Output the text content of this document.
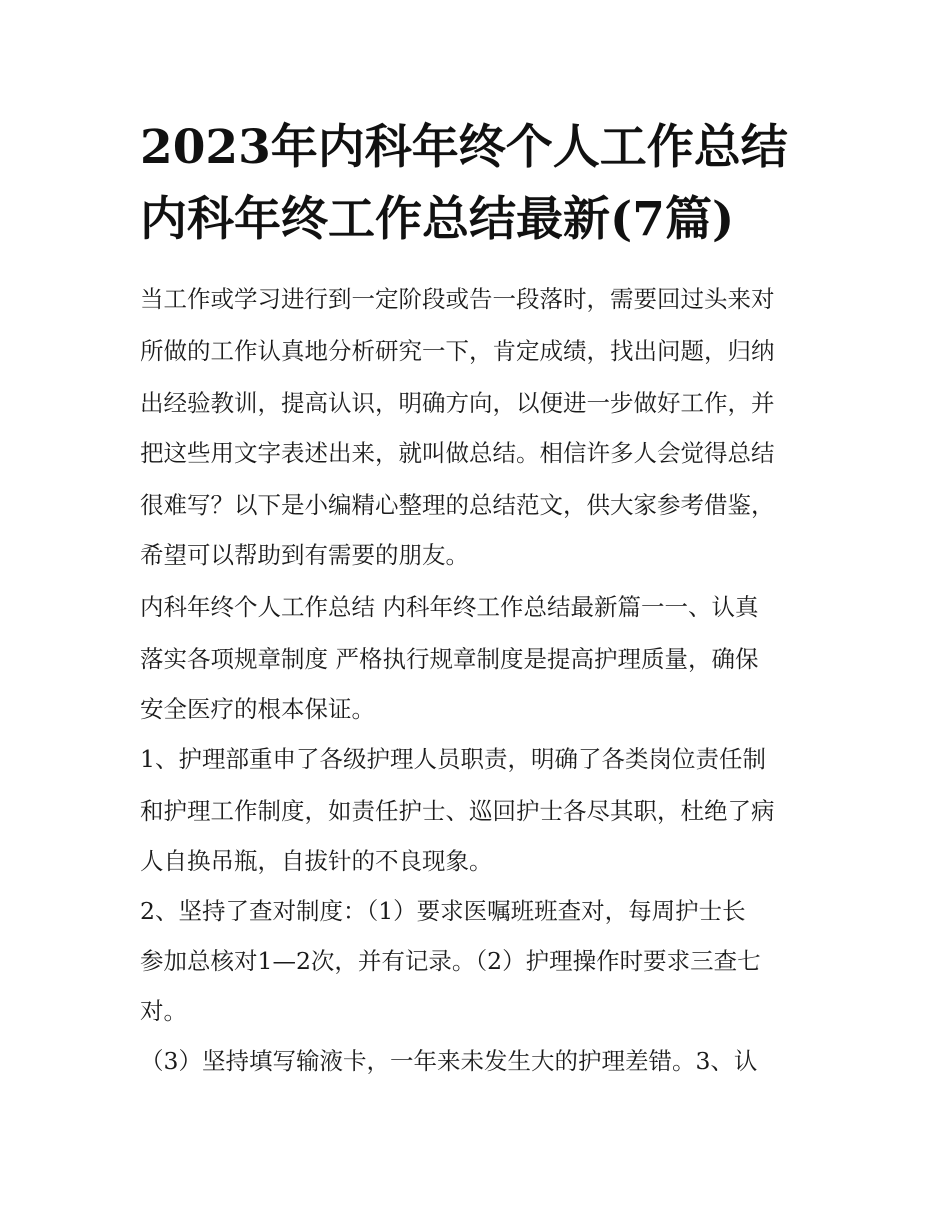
2023年内科年终个人工作总结
内科年终工作总结最新(7篇)
当工作或学习进行到一定阶段或告一段落时，需要回过头来对
所做的工作认真地分析研究一下，肯定成绩，找出问题，归纳
出经验教训，提高认识，明确方向，以便进一步做好工作，并
把这些用文字表述出来，就叫做总结。相信许多人会觉得总结
很难写？以下是小编精心整理的总结范文，供大家参考借鉴，
希望可以帮助到有需要的朋友。
内科年终个人工作总结 内科年终工作总结最新篇一一、认真
落实各项规章制度 严格执行规章制度是提高护理质量，确保
安全医疗的根本保证。
1、护理部重申了各级护理人员职责，明确了各类岗位责任制
和护理工作制度，如责任护士、巡回护士各尽其职，杜绝了病
人自换吊瓶，自拔针的不良现象。
2、坚持了查对制度：（1）要求医嘱班班查对，每周护士长
参加总核对1—2次，并有记录。（2）护理操作时要求三查七
对。
（3）坚持填写输液卡，一年来未发生大的护理差错。3、认
